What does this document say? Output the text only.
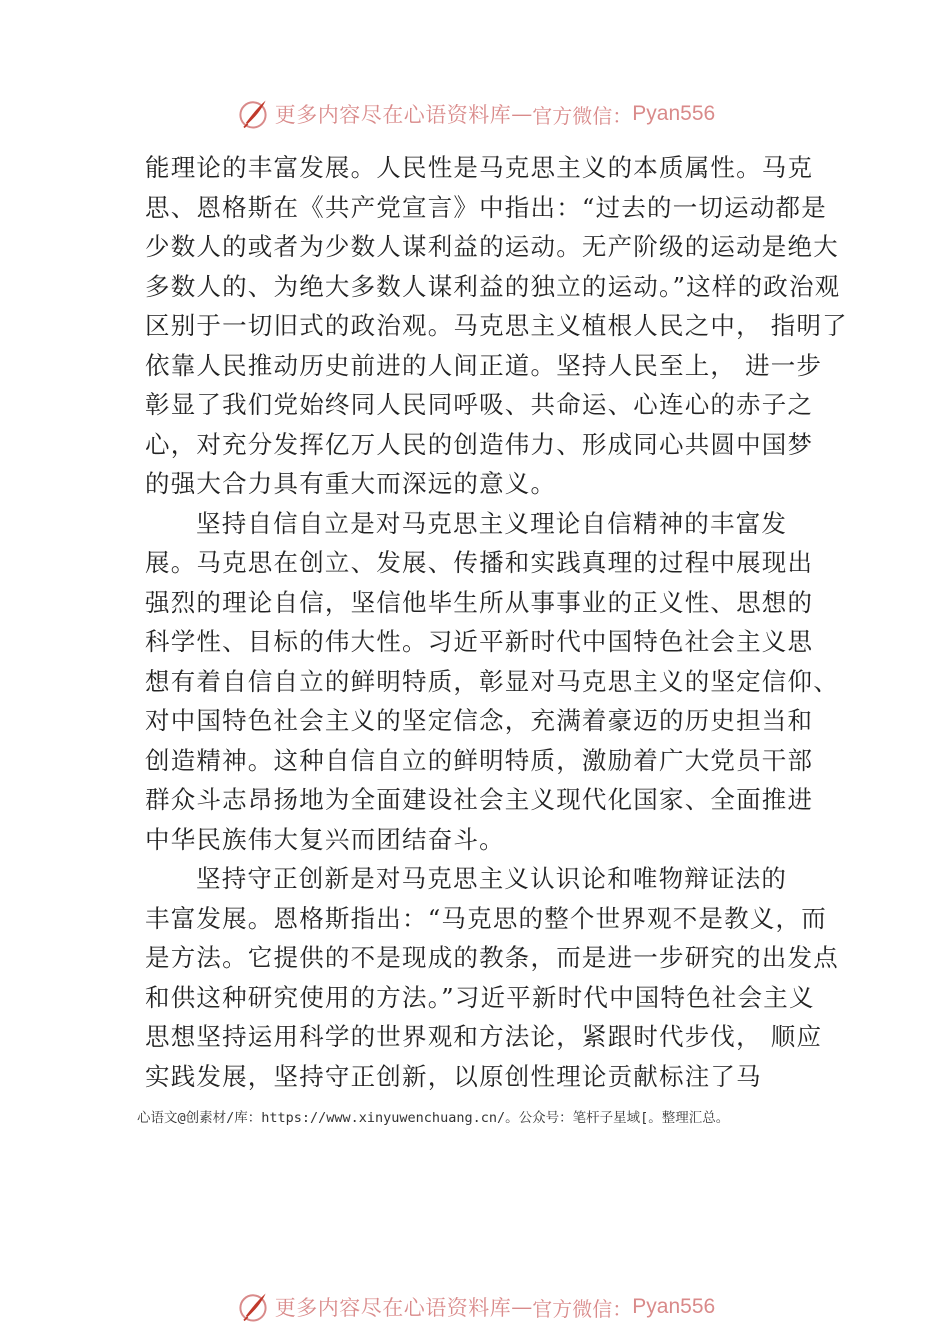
更多内容尽在心语资料库 — 官方微信： Pyan556
能理论的丰富发展。人民性是马克思主义的本质属性。马克
思、恩格斯在《共产党宣言》中指出：“过去的一切运动都是
少数人的或者为少数人谋利益的运动。无产阶级的运动是绝大
多数人的、为绝大多数人谋利益的独立的运动。”这样的政治观
区别于一切旧式的政治观。马克思主义植根人民之中， 指明了
依靠人民推动历史前进的人间正道。坚持人民至上， 进一步
彰显了我们党始终同人民同呼吸、共命运、心连心的赤子之
心，对充分发挥亿万人民的创造伟力、形成同心共圆中国梦
的强大合力具有重大而深远的意义。
坚持自信自立是对马克思主义理论自信精神的丰富发
展。马克思在创立、发展、传播和实践真理的过程中展现出
强烈的理论自信，坚信他毕生所从事事业的正义性、思想的
科学性、目标的伟大性。习近平新时代中国特色社会主义思
想有着自信自立的鲜明特质，彰显对马克思主义的坚定信仰、
对中国特色社会主义的坚定信念，充满着豪迈的历史担当和
创造精神。这种自信自立的鲜明特质，激励着广大党员干部
群众斗志昂扬地为全面建设社会主义现代化国家、全面推进
中华民族伟大复兴而团结奋斗。
坚持守正创新是对马克思主义认识论和唯物辩证法的
丰富发展。恩格斯指出：“马克思的整个世界观不是教义，而
是方法。它提供的不是现成的教条，而是进一步研究的出发点
和供这种研究使用的方法。”习近平新时代中国特色社会主义
思想坚持运用科学的世界观和方法论，紧跟时代步伐， 顺应
实践发展，坚持守正创新，以原创性理论贡献标注了马
心语文@创素材/库：https://www.xinyuwenchuang.cn/。公众号：笔杆子星域[。整理汇总。
更多内容尽在心语资料库 — 官方微信： Pyan556
